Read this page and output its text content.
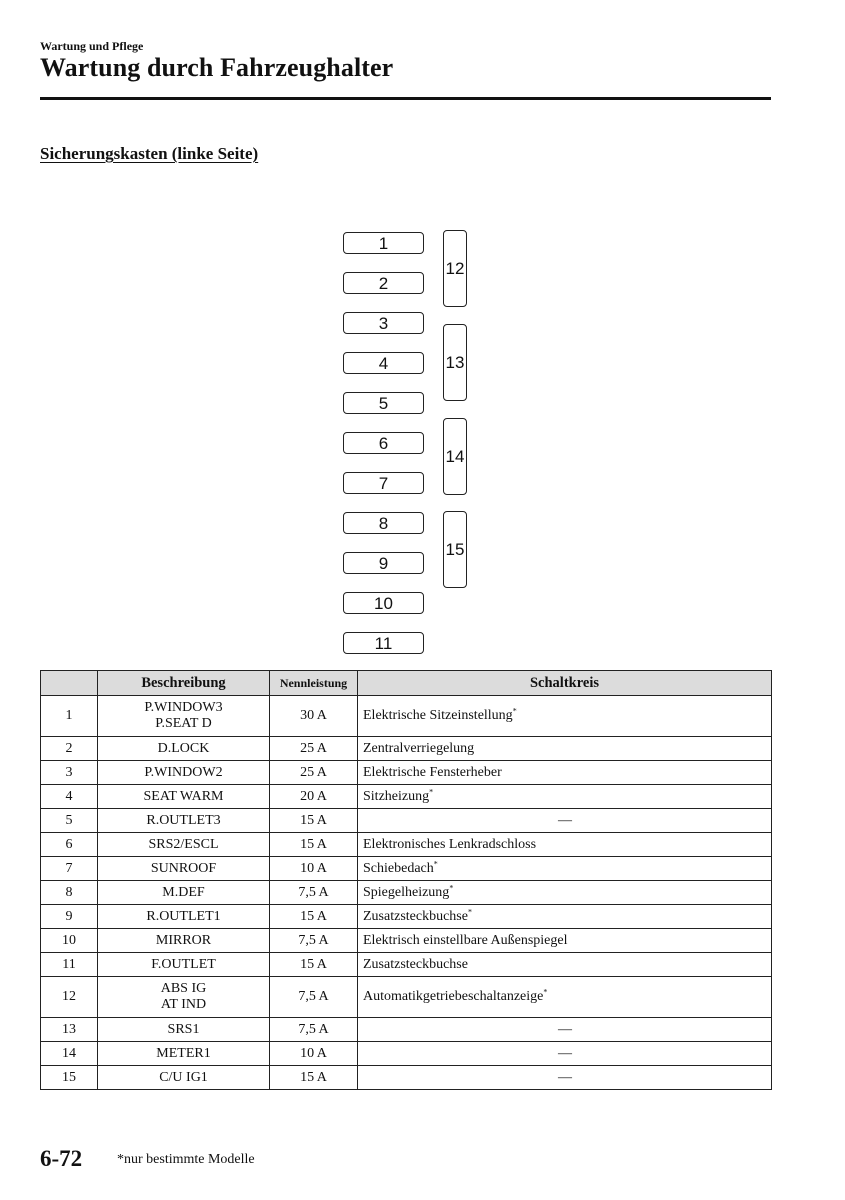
Wartung und Pflege
Wartung durch Fahrzeughalter
Sicherungskasten (linke Seite)
1
2
3
4
5
6
7
8
9
10
11
12
13
14
15
	Beschreibung	Nennleistung	Schaltkreis
1	P.WINDOW3
P.SEAT D	30 A	Elektrische Sitzeinstellung*
2	D.LOCK	25 A	Zentralverriegelung
3	P.WINDOW2	25 A	Elektrische Fensterheber
4	SEAT WARM	20 A	Sitzheizung*
5	R.OUTLET3	15 A	—
6	SRS2/ESCL	15 A	Elektronisches Lenkradschloss
7	SUNROOF	10 A	Schiebedach*
8	M.DEF	7,5 A	Spiegelheizung*
9	R.OUTLET1	15 A	Zusatzsteckbuchse*
10	MIRROR	7,5 A	Elektrisch einstellbare Außenspiegel
11	F.OUTLET	15 A	Zusatzsteckbuchse
12	ABS IG
AT IND	7,5 A	Automatikgetriebeschaltanzeige*
13	SRS1	7,5 A	—
14	METER1	10 A	—
15	C/U IG1	15 A	—
6-72 *nur bestimmte Modelle
